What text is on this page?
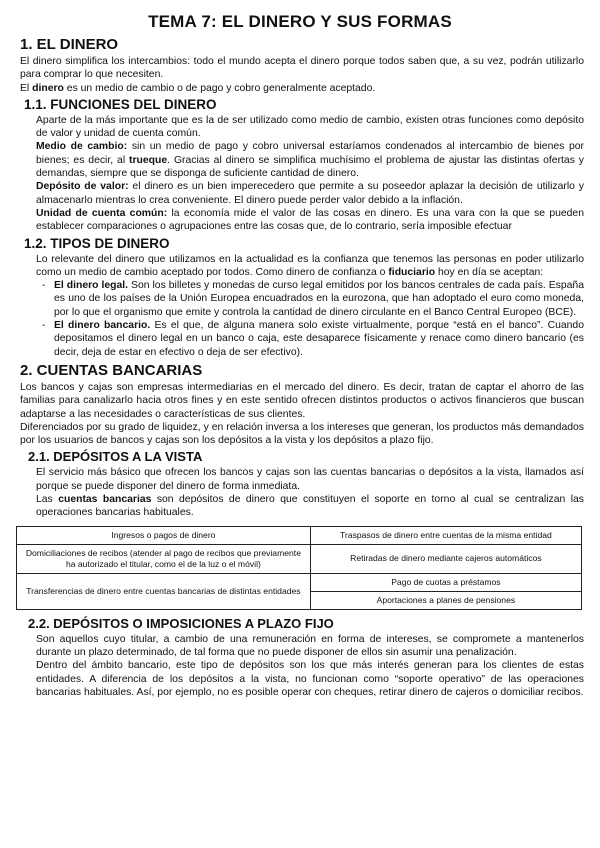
TEMA 7: EL DINERO Y SUS FORMAS
1. EL DINERO

El dinero simplifica los intercambios: todo el mundo acepta el dinero porque todos saben que, a su vez, podrán utilizarlo para comprar lo que necesiten.

El dinero es un medio de cambio o de pago y cobro generalmente aceptado.

1.1. FUNCIONES DEL DINERO

Aparte de la más importante que es la de ser utilizado como medio de cambio, existen otras funciones como depósito de valor y unidad de cuenta común.

Medio de cambio: sin un medio de pago y cobro universal estaríamos condenados al intercambio de bienes por bienes; es decir, al trueque. Gracias al dinero se simplifica muchísimo el problema de ajustar las distintas ofertas y demandas, siempre que se disponga de suficiente cantidad de dinero.

Depósito de valor: el dinero es un bien imperecedero que permite a su poseedor aplazar la decisión de utilizarlo y almacenarlo mientras lo crea conveniente. El dinero puede perder valor debido a la inflación.

Unidad de cuenta común: la economía mide el valor de las cosas en dinero. Es una vara con la que se pueden establecer comparaciones o agrupaciones entre las cosas que, de lo contrario, sería imposible efectuar

1.2. TIPOS DE DINERO

Lo relevante del dinero que utilizamos en la actualidad es la confianza que tenemos las personas en poder utilizarlo como un medio de cambio aceptado por todos. Como dinero de confianza o fiduciario hoy en día se aceptan:

- El dinero legal. Son los billetes y monedas de curso legal emitidos por los bancos centrales de cada país. España es uno de los países de la Unión Europea encuadrados en la eurozona, que han adoptado el euro como moneda, por lo que el organismo que emite y controla la cantidad de dinero circulante en el Banco Central Europeo (BCE).

- El dinero bancario. Es el que, de alguna manera solo existe virtualmente, porque “está en el banco”. Cuando depositamos el dinero legal en un banco o caja, este desaparece físicamente y renace como dinero bancario (es decir, deja de estar en efectivo o deja de ser efectivo).

2. CUENTAS BANCARIAS

Los bancos y cajas son empresas intermediarias en el mercado del dinero. Es decir, tratan de captar el ahorro de las familias para canalizarlo hacia otros fines y en este sentido ofrecen distintos productos o activos financieros que buscan adaptarse a las necesidades o características de sus clientes.

Diferenciados por su grado de liquidez, y en relación inversa a los intereses que generan, los productos más demandados por los usuarios de bancos y cajas son los depósitos a la vista y los depósitos a plazo fijo.

2.1. DEPÓSITOS A LA VISTA

El servicio más básico que ofrecen los bancos y cajas son las cuentas bancarias o depósitos a la vista, llamados así porque se puede disponer del dinero de forma inmediata.

Las cuentas bancarias son depósitos de dinero que constituyen el soporte en torno al cual se centralizan las operaciones bancarias habituales.

Ingresos o pagos de dinero	Traspasos de dinero entre cuentas de la misma entidad
Domiciliaciones de recibos (atender al pago de recibos que previamente ha autorizado el titular, como el de la luz o el móvil)	Retiradas de dinero mediante cajeros automáticos
Transferencias de dinero entre cuentas bancarias de distintas entidades	Pago de cuotas a préstamos
	Aportaciones a planes de pensiones
2.2. DEPÓSITOS O IMPOSICIONES A PLAZO FIJO

Son aquellos cuyo titular, a cambio de una remuneración en forma de intereses, se compromete a mantenerlos durante un plazo determinado, de tal forma que no puede disponer de ellos sin asumir una penalización.

Dentro del ámbito bancario, este tipo de depósitos son los que más interés generan para los clientes de estas entidades. A diferencia de los depósitos a la vista, no funcionan como “soporte operativo” de las operaciones bancarias habituales. Así, por ejemplo, no es posible operar con cheques, retirar dinero de cajeros o domiciliar recibos.
